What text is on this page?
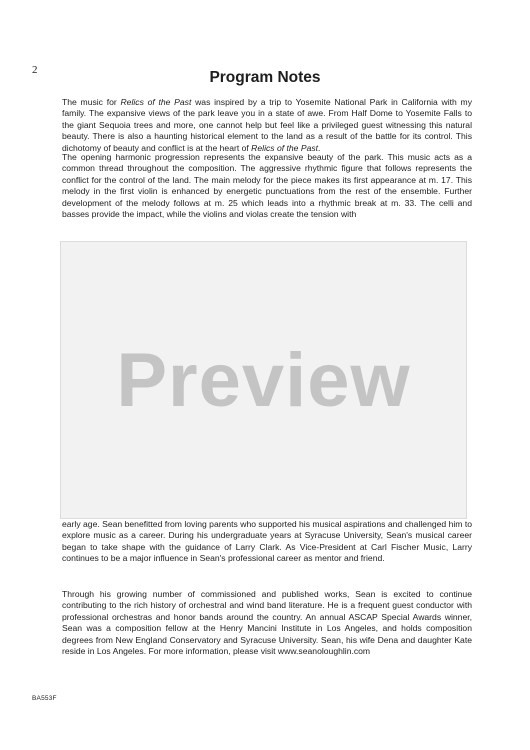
2	Program Notes

The music for Relics of the Past was inspired by a trip to Yosemite National Park in California with my family. The expansive views of the park leave you in a state of awe. From Half Dome to Yosemite Falls to the giant Sequoia trees and more, one cannot help but feel like a privileged guest witnessing this natural beauty. There is also a haunting historical element to the land as a result of the battle for its control. This dichotomy of beauty and conflict is at the heart of Relics of the Past.

The opening harmonic progression represents the expansive beauty of the park. This music acts as a common thread throughout the composition. The aggressive rhythmic figure that follows represents the conflict for the control of the land. The main melody for the piece makes its first appearance at m. 17. This melody in the first violin is enhanced by energetic punctuations from the rest of the ensemble. Further development of the melody follows at m. 25 which leads into a rhythmic break at m. 33. The celli and basses provide the impact, while the violins and violas create the tension with

Preview

early age. Sean benefitted from loving parents who supported his musical aspirations and challenged him to explore music as a career. During his undergraduate years at Syracuse University, Sean's musical career began to take shape with the guidance of Larry Clark. As Vice-President at Carl Fischer Music, Larry continues to be a major influence in Sean's professional career as mentor and friend.

Through his growing number of commissioned and published works, Sean is excited to continue contributing to the rich history of orchestral and wind band literature. He is a frequent guest conductor with professional orchestras and honor bands around the country. An annual ASCAP Special Awards winner, Sean was a composition fellow at the Henry Mancini Institute in Los Angeles, and holds composition degrees from New England Conservatory and Syracuse University. Sean, his wife Dena and daughter Kate reside in Los Angeles. For more information, please visit www.seanoloughlin.com

BA553F
